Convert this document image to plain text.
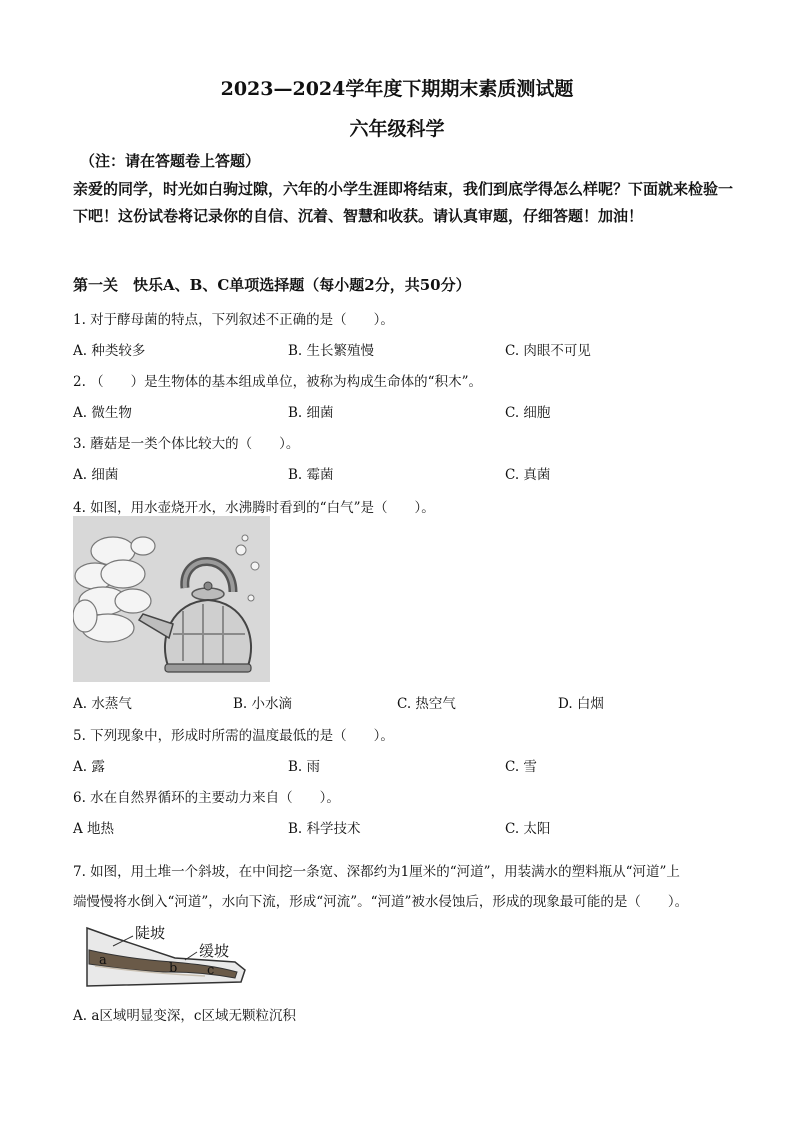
2023—2024学年度下期期末素质测试题
六年级科学
（注：请在答题卷上答题）
亲爱的同学，时光如白驹过隙，六年的小学生涯即将结束，我们到底学得怎么样呢？下面就来检验一下吧！这份试卷将记录你的自信、沉着、智慧和收获。请认真审题，仔细答题！加油！
第一关　快乐A、B、C单项选择题（每小题2分，共50分）
1. 对于酵母菌的特点，下列叙述不正确的是（　　）。
A. 种类较多	B. 生长繁殖慢	C. 肉眼不可见
2. （　　）是生物体的基本组成单位，被称为构成生命体的“积木”。
A. 微生物	B. 细菌	C. 细胞
3. 蘑菇是一类个体比较大的（　　）。
A. 细菌	B. 霉菌	C. 真菌
4. 如图，用水壶烧开水，水沸腾时看到的“白气”是（　　）。
A. 水蒸气	B. 小水滴	C. 热空气	D. 白烟
5. 下列现象中，形成时所需的温度最低的是（　　）。
A. 露	B. 雨	C. 雪
6. 水在自然界循环的主要动力来自（　　）。
A 地热	B. 科学技术	C. 太阳
7. 如图，用土堆一个斜坡，在中间挖一条宽、深都约为1厘米的“河道”，用装满水的塑料瓶从“河道”上
端慢慢将水倒入“河道”，水向下流，形成“河流”。“河道”被水侵蚀后，形成的现象最可能的是（　　）。
陡坡
缓坡
a
b c
A. a区域明显变深，c区域无颗粒沉积
